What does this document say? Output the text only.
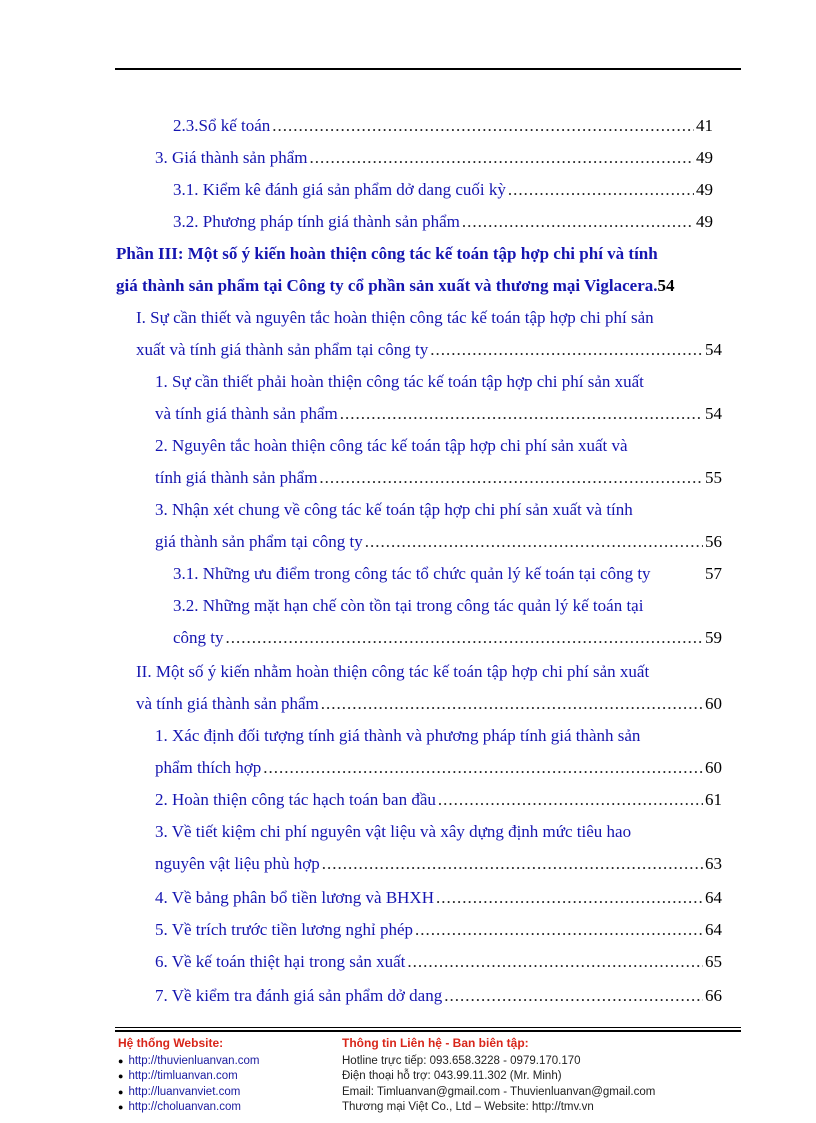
2.3.Sổ kế toán .....	41
3. Giá thành sản phẩm .....	49
3.1. Kiểm kê đánh giá sản phẩm dở dang cuối kỳ .....	49
3.2. Phương pháp tính giá thành sản phẩm .....	49
Phần III : Một số ý kiến hoàn thiện công tác kế toán tập hợp chi phí và tính
giá thành sản phẩm tại Công ty cổ phần sản xuất và thương mại Viglacera. 54
I. Sự cần thiết và nguyên tắc hoàn thiện công tác kế toán tập hợp chi phí sản
xuất và tính giá thành sản phẩm tại công ty .....	54
1. Sự cần thiết phải hoàn thiện công tác kế toán tập hợp chi phí sản xuất
và tính giá thành sản phẩm .....	54
2. Nguyên tắc hoàn thiện công tác kế toán tập hợp chi phí sản xuất và
tính giá thành sản phẩm .....	55
3. Nhận xét chung về công tác kế toán tập hợp chi phí sản xuất và tính
giá thành sản phẩm tại công ty .....	56
3.1. Những ưu điểm trong công tác tổ chức quản lý kế toán tại công ty	57
3.2. Những mặt hạn chế còn tồn tại trong công tác quản lý kế toán tại
công ty .....	59
II. Một số ý kiến nhằm hoàn thiện công tác kế toán tập hợp chi phí sản xuất
và tính giá thành sản phẩm .....	60
1. Xác định đối tượng tính giá thành và phương pháp tính giá thành sản
phẩm thích hợp .....	60
2. Hoàn thiện công tác hạch toán ban đầu .....	61
3. Về tiết kiệm chi phí nguyên vật liệu và xây dựng định mức tiêu hao
nguyên vật liệu phù hợp .....	63
4. Về bảng phân bổ tiền lương và BHXH .....	64
5. Về trích trước tiền lương nghỉ phép .....	64
6. Về kế toán thiệt hại trong sản xuất .....	65
7. Về kiểm tra đánh giá sản phẩm dở dang .....	66
Hệ thống Website:
● http://thuvienluanvan.com
● http://timluanvan.com
● http://luanvanviet.com
● http://choluanvan.com
Thông tin Liên hệ - Ban biên tập:
Hotline trực tiếp: 093.658.3228 - 0979.170.170
Điện thoại hỗ trợ: 043.99.11.302 (Mr. Minh)
Email: Timluanvan@gmail.com - Thuvienluanvan@gmail.com
Thương mại Việt Co., Ltd – Website: http://tmv.vn
